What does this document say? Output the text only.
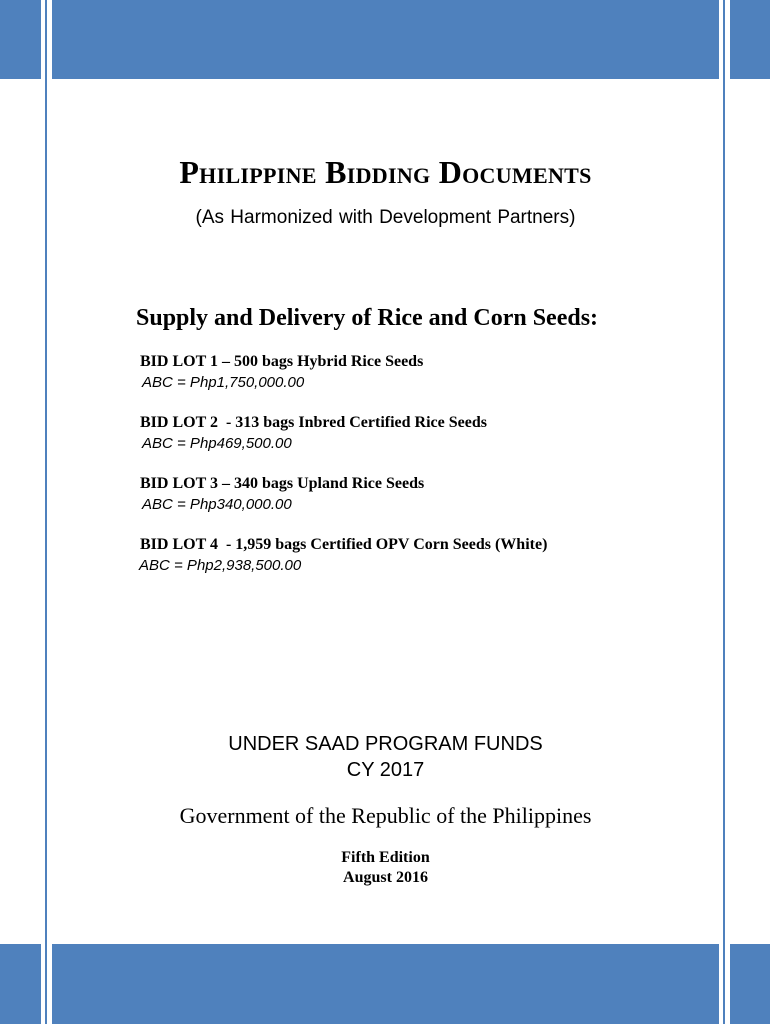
Philippine Bidding Documents
(As Harmonized with Development Partners)
Supply and Delivery of Rice and Corn Seeds:
BID LOT 1 – 500 bags Hybrid Rice Seeds
ABC = Php1,750,000.00
BID LOT 2  - 313 bags Inbred Certified Rice Seeds
ABC = Php469,500.00
BID LOT 3 – 340 bags Upland Rice Seeds
ABC = Php340,000.00
BID LOT 4  - 1,959 bags Certified OPV Corn Seeds (White)
ABC = Php2,938,500.00
UNDER SAAD PROGRAM FUNDS
CY 2017
Government of the Republic of the Philippines
Fifth Edition
August 2016
